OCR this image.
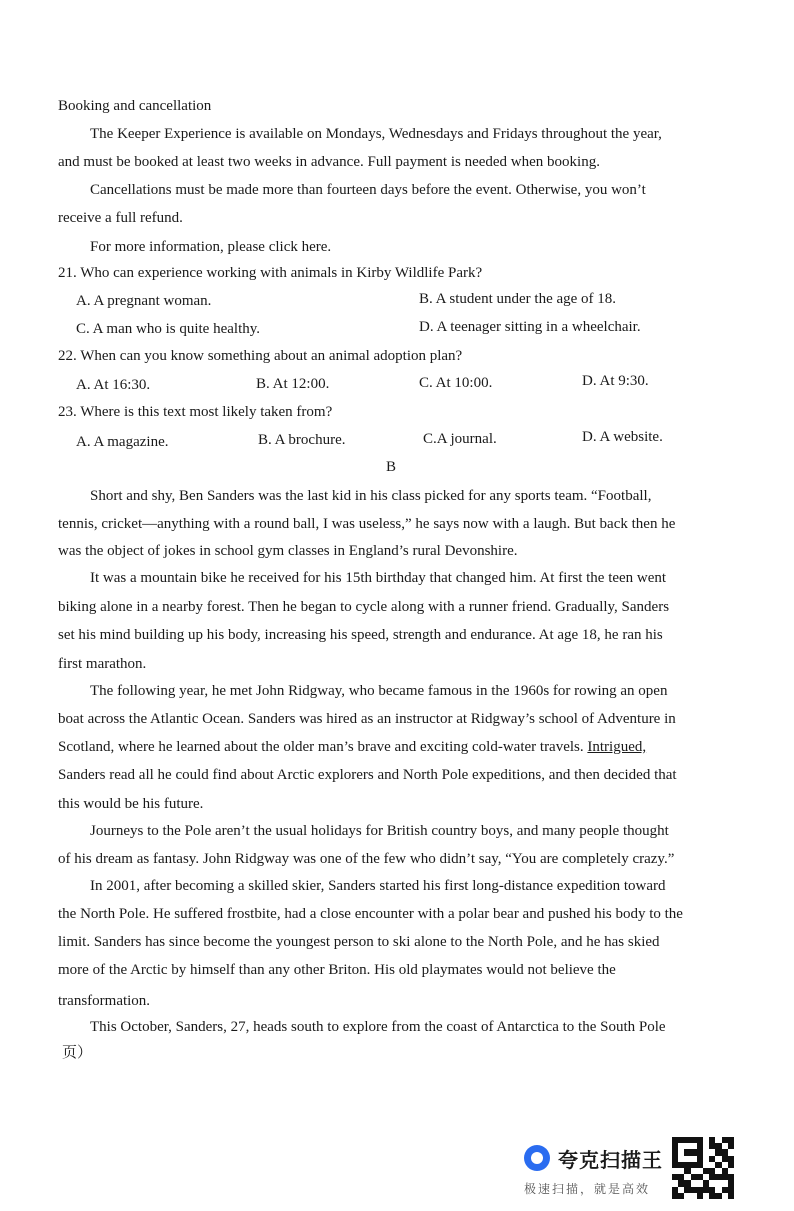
Booking and cancellation
The Keeper Experience is available on Mondays, Wednesdays and Fridays throughout the year,
and must be booked at least two weeks in advance. Full payment is needed when booking.
Cancellations must be made more than fourteen days before the event. Otherwise, you won’t
receive a full refund.
For more information, please click here.
21. Who can experience working with animals in Kirby Wildlife Park?
A. A pregnant woman.	B. A student under the age of 18.
C. A man who is quite healthy.	D. A teenager sitting in a wheelchair.
22. When can you know something about an animal adoption plan?
A. At 16:30.	B. At 12:00.	C. At 10:00.	D. At 9:30.
23. Where is this text most likely taken from?
A. A magazine.	B. A brochure.	C.A journal.	D. A website.
B
Short and shy, Ben Sanders was the last kid in his class picked for any sports team. “Football,
tennis, cricket—anything with a round ball, I was useless,” he says now with a laugh. But back then he
was the object of jokes in school gym classes in England’s rural Devonshire.
It was a mountain bike he received for his 15th birthday that changed him. At first the teen went
biking alone in a nearby forest. Then he began to cycle along with a runner friend. Gradually, Sanders
set his mind building up his body, increasing his speed, strength and endurance. At age 18, he ran his
first marathon.
The following year, he met John Ridgway, who became famous in the 1960s for rowing an open
boat across the Atlantic Ocean. Sanders was hired as an instructor at Ridgway’s school of Adventure in
Scotland, where he learned about the older man’s brave and exciting cold-water travels. Intrigued,
Sanders read all he could find about Arctic explorers and North Pole expeditions, and then decided that
this would be his future.
Journeys to the Pole aren’t the usual holidays for British country boys, and many people thought
of his dream as fantasy. John Ridgway was one of the few who didn’t say, “You are completely crazy.”
In 2001, after becoming a skilled skier, Sanders started his first long-distance expedition toward
the North Pole. He suffered frostbite, had a close encounter with a polar bear and pushed his body to the
limit. Sanders has since become the youngest person to ski alone to the North Pole, and he has skied
more of the Arctic by himself than any other Briton. His old playmates would not believe the
transformation.
This October, Sanders, 27, heads south to explore from the coast of Antarctica to the South Pole
页）
夸克扫描王
极速扫描，就是高效
